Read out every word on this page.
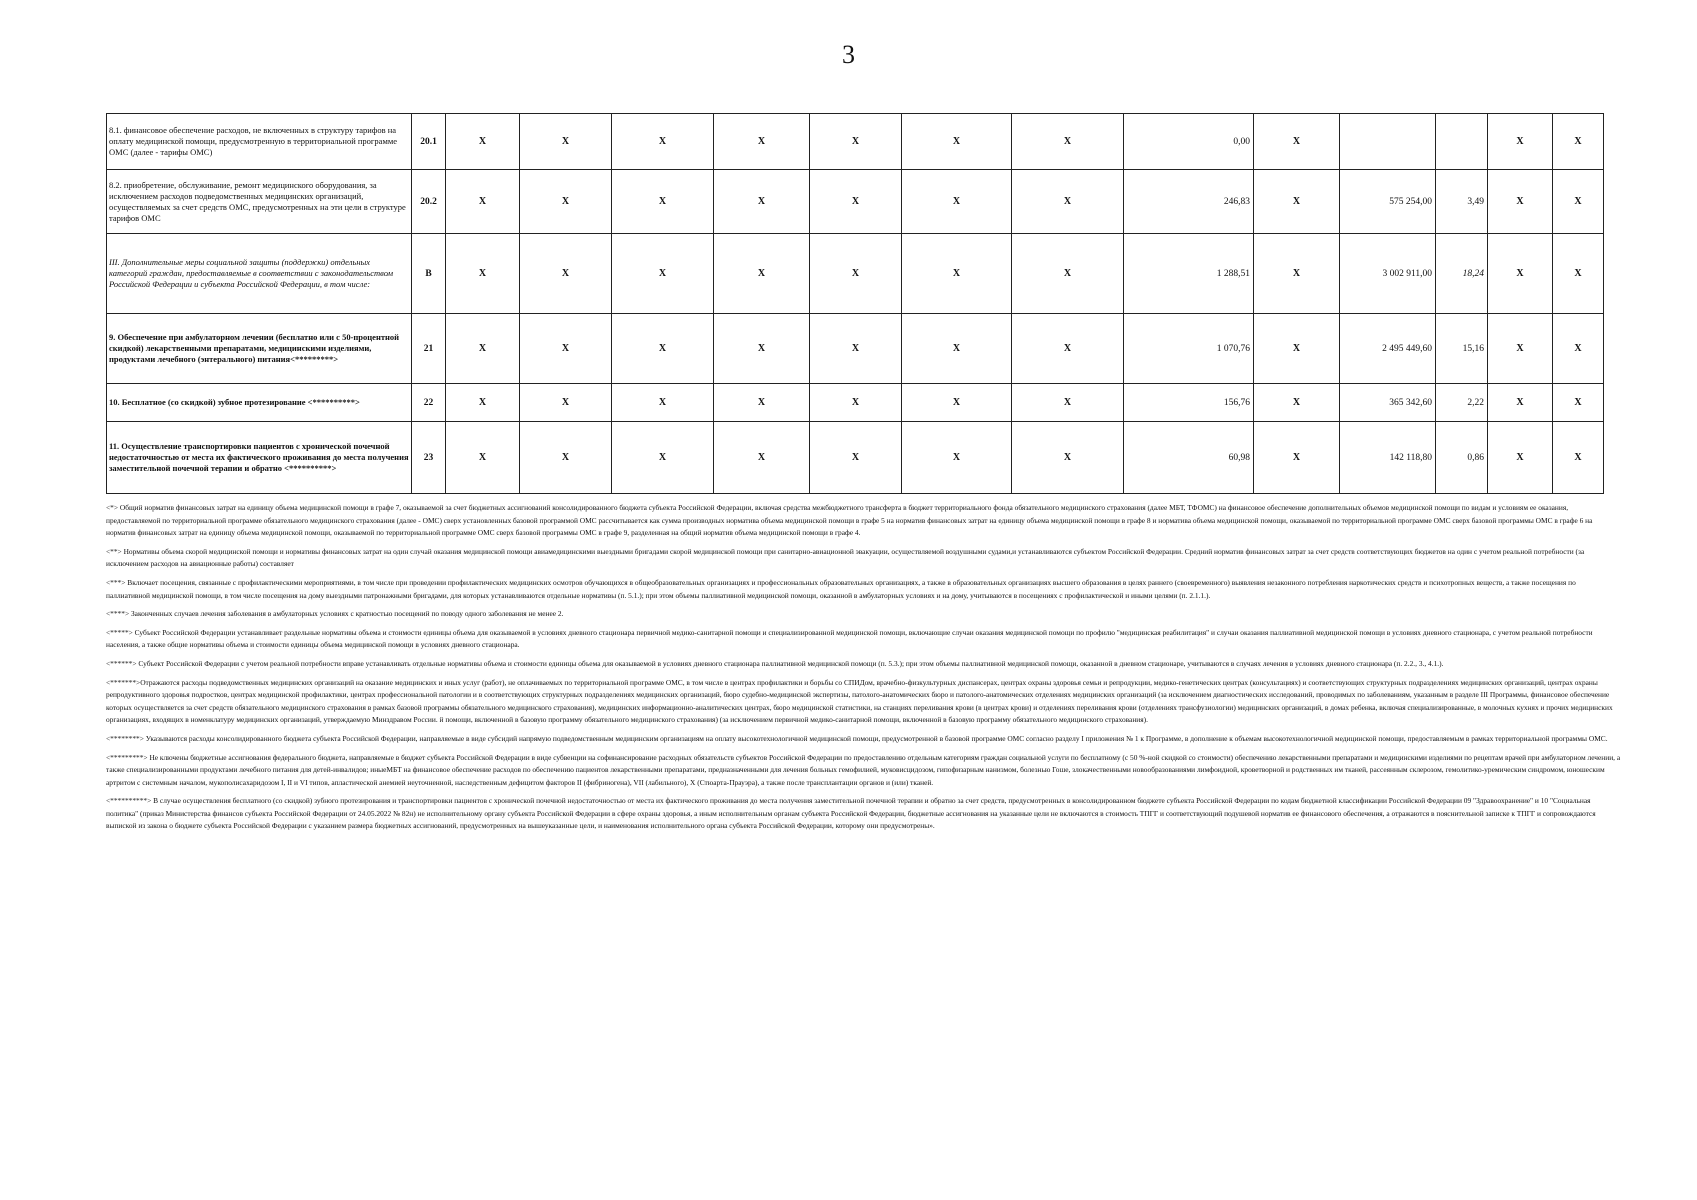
3
8.1. финансовое обеспечение расходов, не включенных в структуру тарифов на оплату медицинской помощи, предусмотренную в территориальной программе ОМС (далее - тарифы ОМС)	20.1	X	X	X	X	X	X	X	0,00	X			X	X
8.2. приобретение, обслуживание, ремонт медицинского оборудования, за исключением расходов подведомственных медицинских организаций, осуществляемых за счет средств ОМС, предусмотренных на эти цели в структуре тарифов ОМС	20.2	X	X	X	X	X	X	X	246,83	X	575 254,00	3,49	X	X
III. Дополнительные меры социальной защиты (поддержки) отдельных категорий граждан, предоставляемые в соответствии с законодательством Российской Федерации и субъекта Российской Федерации, в том числе:	В	X	X	X	X	X	X	X	1 288,51	X	3 002 911,00	18,24	X	X
9. Обеспечение при амбулаторном лечении (бесплатно или с 50-процентной скидкой) лекарственными препаратами, медицинскими изделиями, продуктами лечебного (энтерального) питания<*********>	21	X	X	X	X	X	X	X	1 070,76	X	2 495 449,60	15,16	X	X
10. Бесплатное (со скидкой) зубное протезирование <**********>	22	X	X	X	X	X	X	X	156,76	X	365 342,60	2,22	X	X
11. Осуществление транспортировки пациентов с хронической почечной недостаточностью от места их фактического проживания до места получения заместительной почечной терапии и обратно <**********>	23	X	X	X	X	X	X	X	60,98	X	142 118,80	0,86	X	X

<*> Общий норматив финансовых затрат на единицу объема медицинской помощи в графе 7, оказываемой за счет бюджетных ассигнований консолидированного бюджета субъекта Российской Федерации, включая средства межбюджетного трансферта в бюджет территориального фонда обязательного медицинского страхования (далее МБТ, ТФОМС) на финансовое обеспечение дополнительных объемов медицинской помощи по видам и условиям ее оказания, предоставляемой по территориальной программе обязательного медицинского страхования (далее - ОМС) сверх установленных базовой программой ОМС рассчитывается как сумма производных норматива объема медицинской помощи в графе 5 на норматив финансовых затрат на единицу объема медицинской помощи в графе 8 и норматива объема медицинской помощи, оказываемой по территориальной программе ОМС сверх базовой программы ОМС в графе 6 на норматив финансовых затрат на единицу объема медицинской помощи, оказываемой по территориальной программе ОМС сверх базовой программы ОМС в графе 9, разделенная на общий норматив объема медицинской помощи в графе 4.

<**> Нормативы объема скорой медицинской помощи и нормативы финансовых затрат на один случай оказания медицинской помощи авиамедицинскими выездными бригадами скорой медицинской помощи при санитарно-авиационной эвакуации, осуществляемой воздушными судами,и устанавливаются субъектом Российской Федерации. Средний норматив финансовых затрат за счет средств соответствующих бюджетов на один с учетом реальной потребности (за исключением расходов на авиационные работы) составляет

<***> Включает посещения, связанные с профилактическими мероприятиями, в том числе при проведении профилактических медицинских осмотров обучающихся в общеобразовательных организациях и профессиональных образовательных организациях, а также в образовательных организациях высшего образования в целях раннего (своевременного) выявления незаконного потребления наркотических средств и психотропных веществ, а также посещения по паллиативной медицинской помощи, в том числе посещения на дому выездными патронажными бригадами, для которых устанавливаются отдельные нормативы (п. 5.1.); при этом объемы паллиативной медицинской помощи, оказанной в амбулаторных условиях и на дому, учитываются в посещениях с профилактической и иными целями (п. 2.1.1.).

<****> Законченных случаев лечения заболевания в амбулаторных условиях с кратностью посещений по поводу одного заболевания не менее 2.

<*****> Субъект Российской Федерации устанавливает раздельные нормативы объема и стоимости единицы объема для оказываемой в условиях дневного стационара первичной медико-санитарной помощи и специализированной медицинской помощи, включающие случаи оказания медицинской помощи по профилю "медицинская реабилитация" и случаи оказания паллиативной медицинской помощи в условиях дневного стационара, с учетом реальной потребности населения, а также общие нормативы объема и стоимости единицы объема медицинской помощи в условиях дневного стационара.

<******> Субъект Российской Федерации с учетом реальной потребности вправе устанавливать отдельные нормативы объема и стоимости единицы объема для оказываемой в условиях дневного стационара паллиативной медицинской помощи (п. 5.3.); при этом объемы паллиативной медицинской помощи, оказанной в дневном стационаре, учитываются в случаях лечения в условиях дневного стационара (п. 2.2., 3., 4.1.).

<*******>Отражаются расходы подведомственных медицинских организаций на оказание медицинских и иных услуг (работ), не оплачиваемых по территориальной программе ОМС, в том числе в центрах профилактики и борьбы со СПИДом, врачебно-физкультурных диспансерах, центрах охраны здоровья семьи и репродукции, медико-генетических центрах (консультациях) и соответствующих структурных подразделениях медицинских организаций, центрах охраны репродуктивного здоровья подростков, центрах медицинской профилактики, центрах профессиональной патологии и в соответствующих структурных подразделениях медицинских организаций, бюро судебно-медицинской экспертизы, патолого-анатомических бюро и патолого-анатомических отделениях медицинских организаций (за исключением диагностических исследований, проводимых по заболеваниям, указанным в разделе III Программы, финансовое обеспечение которых осуществляется за счет средств обязательного медицинского страхования в рамках базовой программы обязательного медицинского страхования), медицинских информационно-аналитических центрах, бюро медицинской статистики, на станциях переливания крови (в центрах крови) и отделениях переливания крови (отделениях трансфузиологии) медицинских организаций, в домах ребенка, включая специализированные, в молочных кухнях и прочих медицинских организациях, входящих в номенклатуру медицинских организаций, утверждаемую Минздравом России. й помощи, включенной в базовую программу обязательного медицинского страхования) (за исключением первичной медико-санитарной помощи, включенной в базовую программу обязательного медицинского страхования).

<********> Указываются расходы консолидированного бюджета субъекта Российской Федерации, направляемые в виде субсидий напрямую подведомственным медицинским организациям на оплату высокотехнологичной медицинской помощи, предусмотренной в базовой программе ОМС согласно разделу I приложения № 1 к Программе, в дополнение к объемам высокотехнологичной медицинской помощи, предоставляемым в рамках территориальной программы ОМС.

<*********> Не ключены бюджетные ассигнования федерального бюджета, направляемые в бюджет субъекта Российской Федерации в виде субвенции на софинансирование расходных обязательств субъектов Российской Федерации по предоставлению отдельным категориям граждан социальной услуги по бесплатному (с 50 %-ной скидкой со стоимости) обеспечению лекарственными препаратами и медицинскими изделиями по рецептам врачей при амбулаторном лечении, а также специализированными продуктами лечебного питания для детей-инвалидов; иныеМБТ на финансовое обеспечение расходов по обеспечению пациентов лекарственными препаратами, предназначенными для лечения больных гемофилией, муковисцидозом, гипофизарным нанизмом, болезнью Гоше, злокачественными новообразованиями лимфоидной, кроветворной и родственных им тканей, рассеянным склерозом, гемолитико-уремическим синдромом, юношеским артритом с системным началом, мукополисахаридозом I, II и VI типов, апластической анемией неуточненной, наследственным дефицитом факторов II (фибриногена), VII (лабильного), X (Стюарта-Прауэра), а также после трансплантации органов и (или) тканей.

<**********> В случае осуществления бесплатного (со скидкой) зубного протезирования и транспортировки пациентов с хронической почечной недостаточностью от места их фактического проживания до места получения заместительной почечной терапии и обратно за счет средств, предусмотренных в консолидированном бюджете субъекта Российской Федерации по кодам бюджетной классификации Российской Федерации 09 "Здравоохранение" и 10 "Социальная политика" (приказ Министерства финансов субъекта Российской Федерации от 24.05.2022 № 82н) не исполнительному органу субъекта Российской Федерации в сфере охраны здоровья, а иным исполнительным органам субъекта Российской Федерации, бюджетные ассигнования на указанные цели не включаются в стоимость ТПГГ и соответствующий подушевой норматив ее финансового обеспечения, а отражаются в пояснительной записке к ТПГГ и сопровождаются выпиской из закона о бюджете субъекта Российской Федерации с указанием размера бюджетных ассигнований, предусмотренных на вышеуказанные цели, и наименования исполнительного органа субъекта Российской Федерации, которому они предусмотрены».
